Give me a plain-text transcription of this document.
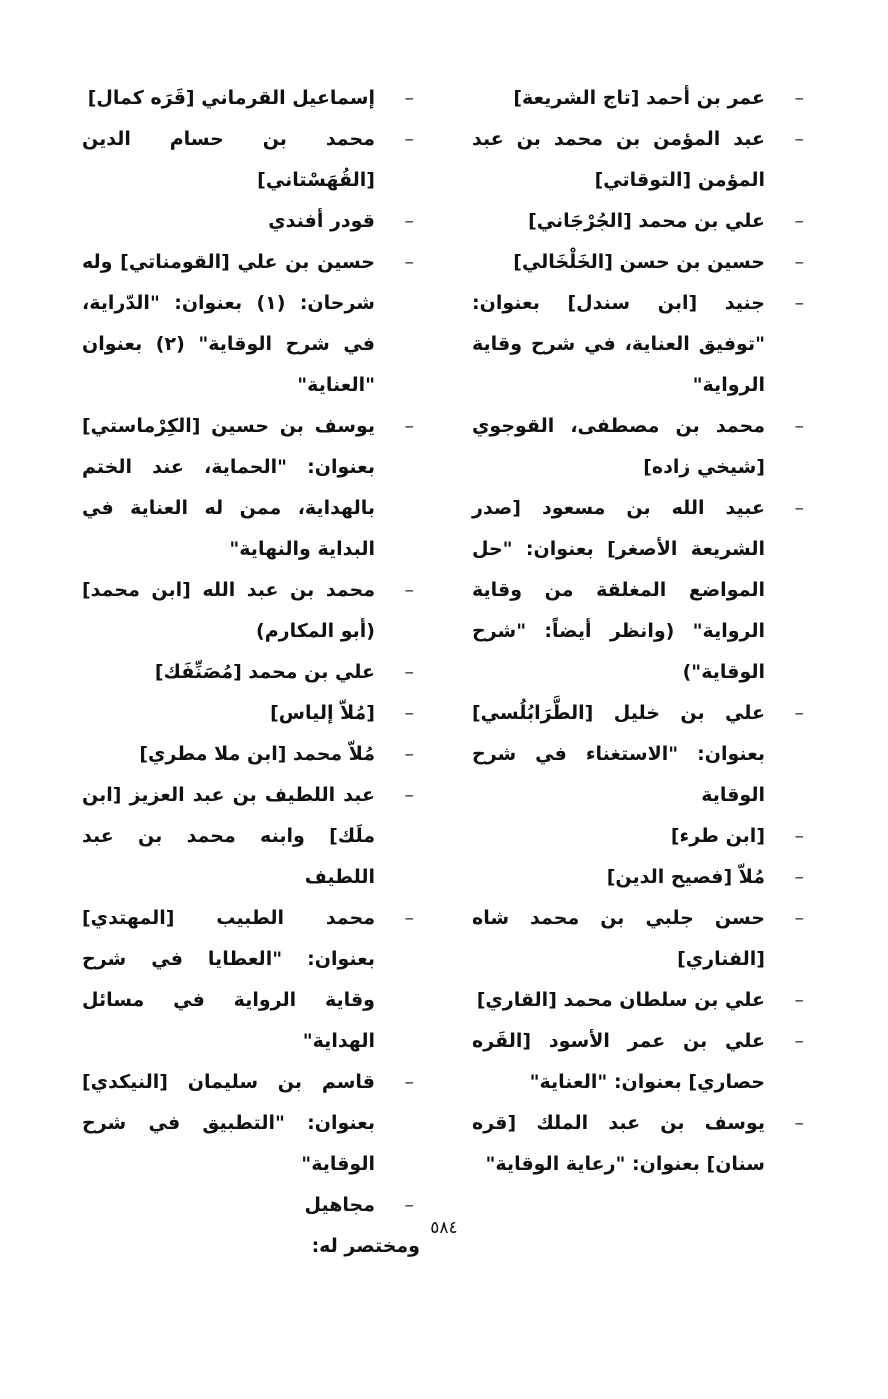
–
عمر بن أحمد [تاج الشريعة]
–
عبد المؤمن بن محمد بن عبد المؤمن [التوقاتي]
–
علي بن محمد [الجُرْجَاني]
–
حسين بن حسن [الخَلْخَالي]
–
جنيد [ابن سندل] بعنوان: "توفيق العناية، في شرح وقاية الرواية"
–
محمد بن مصطفى، القوجوي [شيخي زاده]
–
عبيد الله بن مسعود [صدر الشريعة الأصغر] بعنوان: "حل المواضع المغلقة من وقاية الرواية" (وانظر أيضاً: "شرح الوقاية")
–
علي بن خليل [الطَّرَابُلُسي] بعنوان: "الاستغناء في شرح الوقاية
–
[ابن طرء]
–
مُلاّ [فصيح الدين]
–
حسن جلبي بن محمد شاه [الفناري]
–
علي بن سلطان محمد [القاري]
–
علي بن عمر الأسود [القَره حصاري] بعنوان: "العناية"
–
يوسف بن عبد الملك [قره سنان] بعنوان: "رعاية الوقاية"
–
إسماعيل القرماني [قَرَه كمال]
–
محمد بن حسام الدين [القُهَسْتاني]
–
قودر أفندي
–
حسين بن علي [القومناتي] وله شرحان: (١) بعنوان: "الدّراية، في شرح الوقاية" (٢) بعنوان "العناية"
–
يوسف بن حسين [الكِرْماستي] بعنوان: "الحماية، عند الختم بالهداية، ممن له العناية في البداية والنهاية"
–
محمد بن عبد الله [ابن محمد] (أبو المكارم)
–
علي بن محمد [مُصَنِّفَك]
–
[مُلاّ إلياس]
–
مُلاّ محمد [ابن ملا مطري]
–
عبد اللطيف بن عبد العزيز [ابن ملَك] وابنه محمد بن عبد اللطيف
–
محمد الطبيب [المهتدي] بعنوان: "العطايا في شرح وقاية الرواية في مسائل الهداية"
–
قاسم بن سليمان [النيكدي] بعنوان: "التطبيق في شرح الوقاية"
–
مجاهيل
ومختصر له:
٥٨٤
